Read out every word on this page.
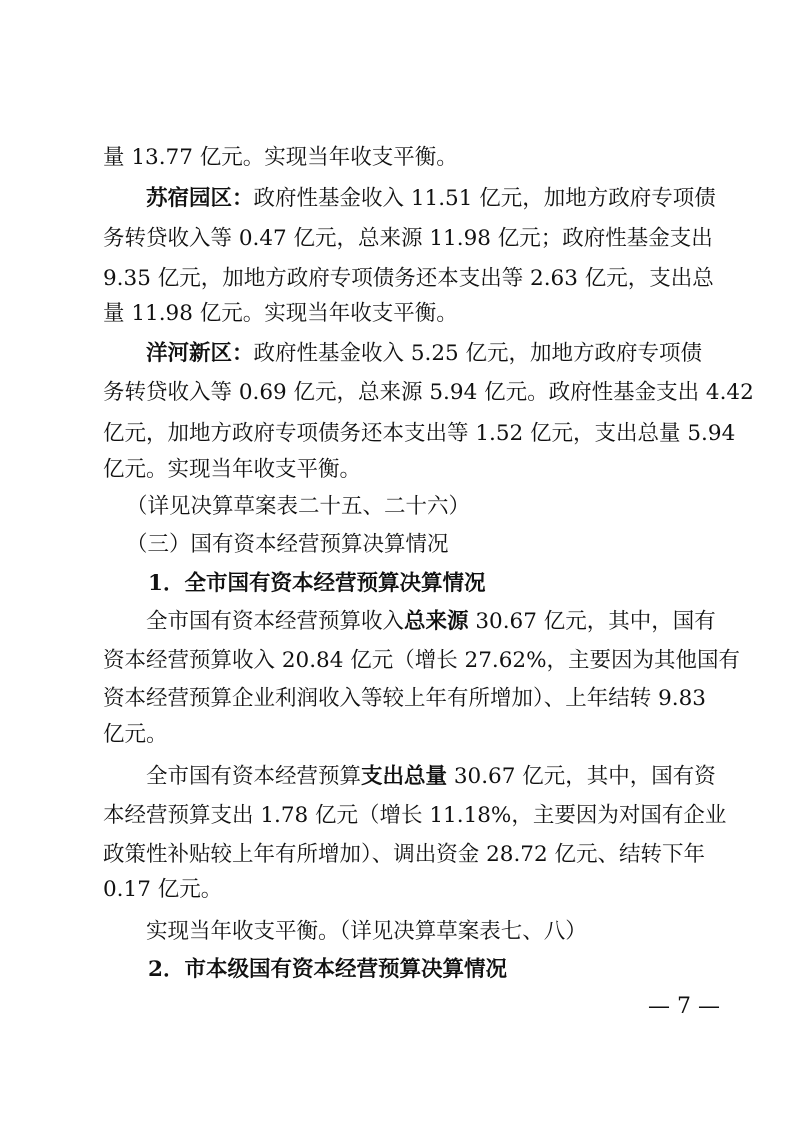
量 13.77 亿元。实现当年收支平衡。

苏宿园区：政府性基金收入 11.51 亿元，加地方政府专项债

务转贷收入等 0.47 亿元，总来源 11.98 亿元；政府性基金支出

9.35 亿元，加地方政府专项债务还本支出等 2.63 亿元，支出总

量 11.98 亿元。实现当年收支平衡。

洋河新区：政府性基金收入 5.25 亿元，加地方政府专项债

务转贷收入等 0.69 亿元，总来源 5.94 亿元。政府性基金支出 4.42

亿元，加地方政府专项债务还本支出等 1.52 亿元，支出总量 5.94

亿元。实现当年收支平衡。

（详见决算草案表二十五、二十六）

（三）国有资本经营预算决算情况

1．全市国有资本经营预算决算情况

全市国有资本经营预算收入总来源 30.67 亿元，其中，国有

资本经营预算收入 20.84 亿元（增长 27.62%，主要因为其他国有

资本经营预算企业利润收入等较上年有所增加）、上年结转 9.83

亿元。

全市国有资本经营预算支出总量 30.67 亿元，其中，国有资

本经营预算支出 1.78 亿元（增长 11.18%，主要因为对国有企业

政策性补贴较上年有所增加）、调出资金 28.72 亿元、结转下年

0.17 亿元。

实现当年收支平衡。（详见决算草案表七、八）

2．市本级国有资本经营预算决算情况

— 7 —
